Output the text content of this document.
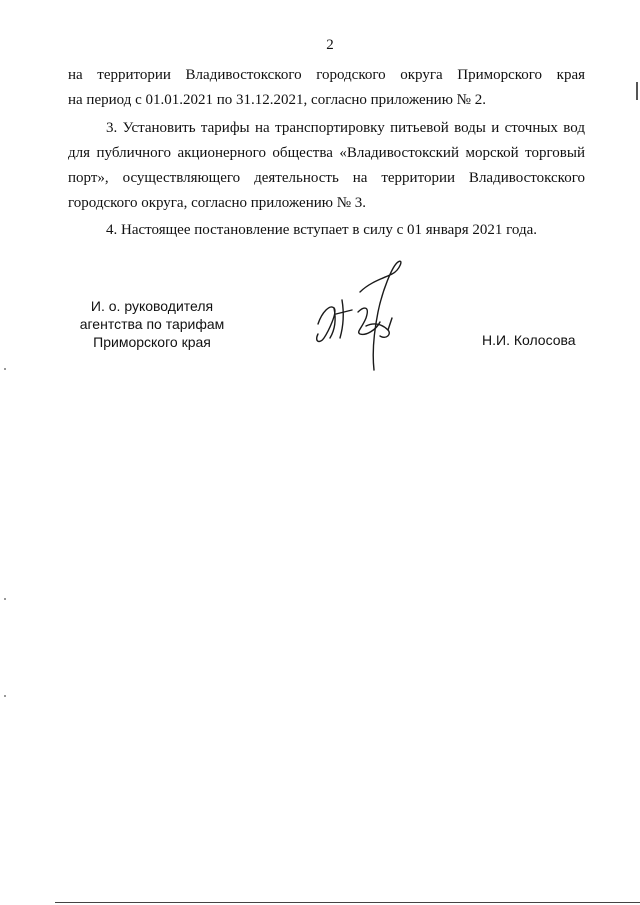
2
на территории Владивостокского городского округа Приморского края
на период с 01.01.2021 по 31.12.2021, согласно приложению № 2.
3. Установить тарифы на транспортировку питьевой воды и сточных вод
для публичного акционерного общества «Владивостокский морской торговый
порт», осуществляющего деятельность на территории Владивостокского
городского округа, согласно приложению № 3.
4. Настоящее постановление вступает в силу с 01 января 2021 года.
И. о. руководителя
агентства по тарифам
Приморского края	Н.И. Колосова
